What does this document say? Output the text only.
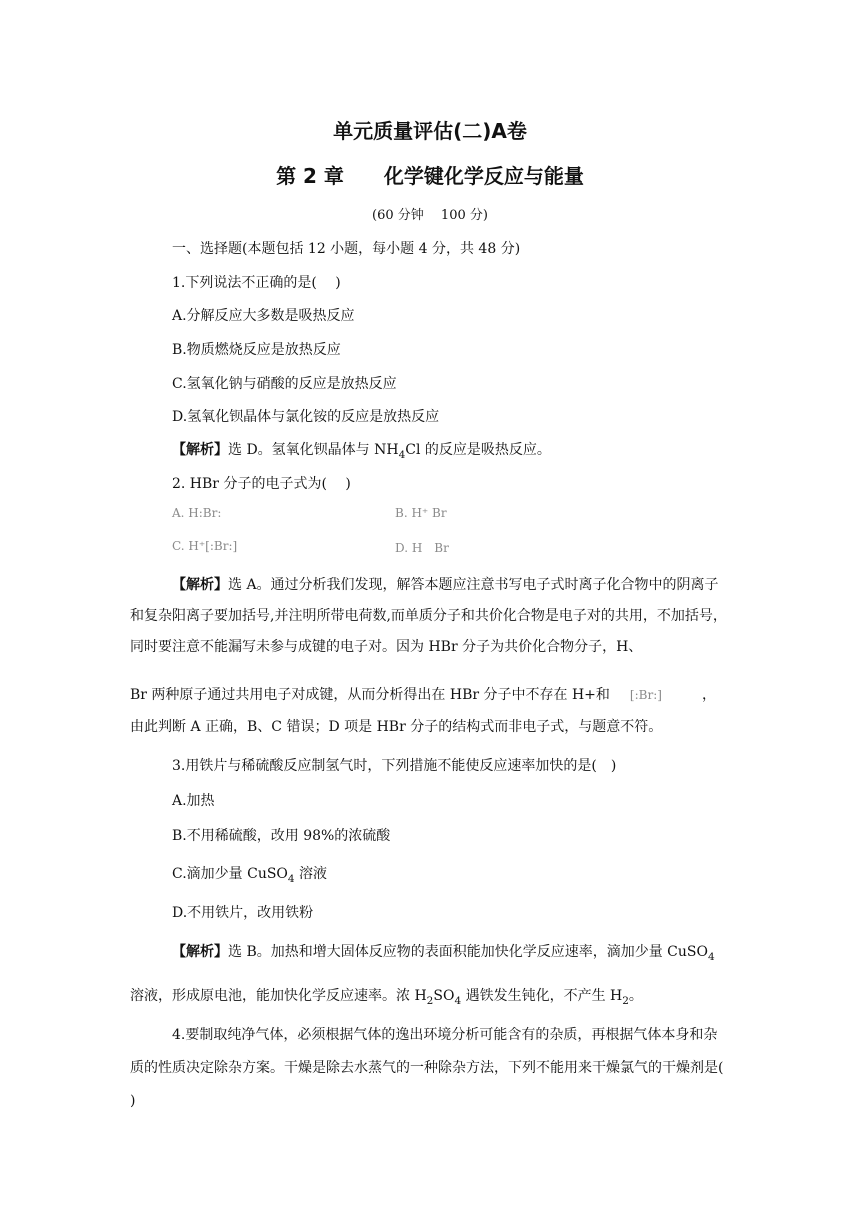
单元质量评估(二)A卷
第 2 章 化学键化学反应与能量
(60 分钟　 100 分)
一、选择题(本题包括 12 小题，每小题 4 分，共 48 分)
1.下列说法不正确的是(　 )
A.分解反应大多数是吸热反应
B.物质燃烧反应是放热反应
C.氢氧化钠与硝酸的反应是放热反应
D.氢氧化钡晶体与氯化铵的反应是放热反应
【解析】选 D。氢氧化钡晶体与 $NH_4Cl$ 的反应是吸热反应。
2. HBr 分子的电子式为(　 )
A. H:Br:	B. H⁺ Br
C. H⁺[:Br:]	D. H　Br
【解析】选 A。通过分析我们发现，解答本题应注意书写电子式时离子化合物中的阴离子和复杂阳离子要加括号,并注明所带电荷数,而单质分子和共价化合物是电子对的共用，不加括号，同时要注意不能漏写未参与成键的电子对。因为 HBr 分子为共价化合物分子，H、
Br 两种原子通过共用电子对成键，从而分析得出在 HBr 分子中不存在 H+和 [:Br:]	，
由此判断 A 正确，B、C 错误；D 项是 HBr 分子的结构式而非电子式，与题意不符。
3.用铁片与稀硫酸反应制氢气时，下列措施不能使反应速率加快的是(　)
A.加热
B.不用稀硫酸，改用 98%的浓硫酸
C.滴加少量 CuSO$_4$ 溶液
D.不用铁片，改用铁粉
【解析】选 B。加热和增大固体反应物的表面积能加快化学反应速率，滴加少量 CuSO$_4$
溶液，形成原电池，能加快化学反应速率。浓 $H_2SO_4$ 遇铁发生钝化，不产生 $H_2$。
4.要制取纯净气体，必须根据气体的逸出环境分析可能含有的杂质，再根据气体本身和杂质的性质决定除杂方案。干燥是除去水蒸气的一种除杂方法，下列不能用来干燥氯气的干燥剂是(　 )
